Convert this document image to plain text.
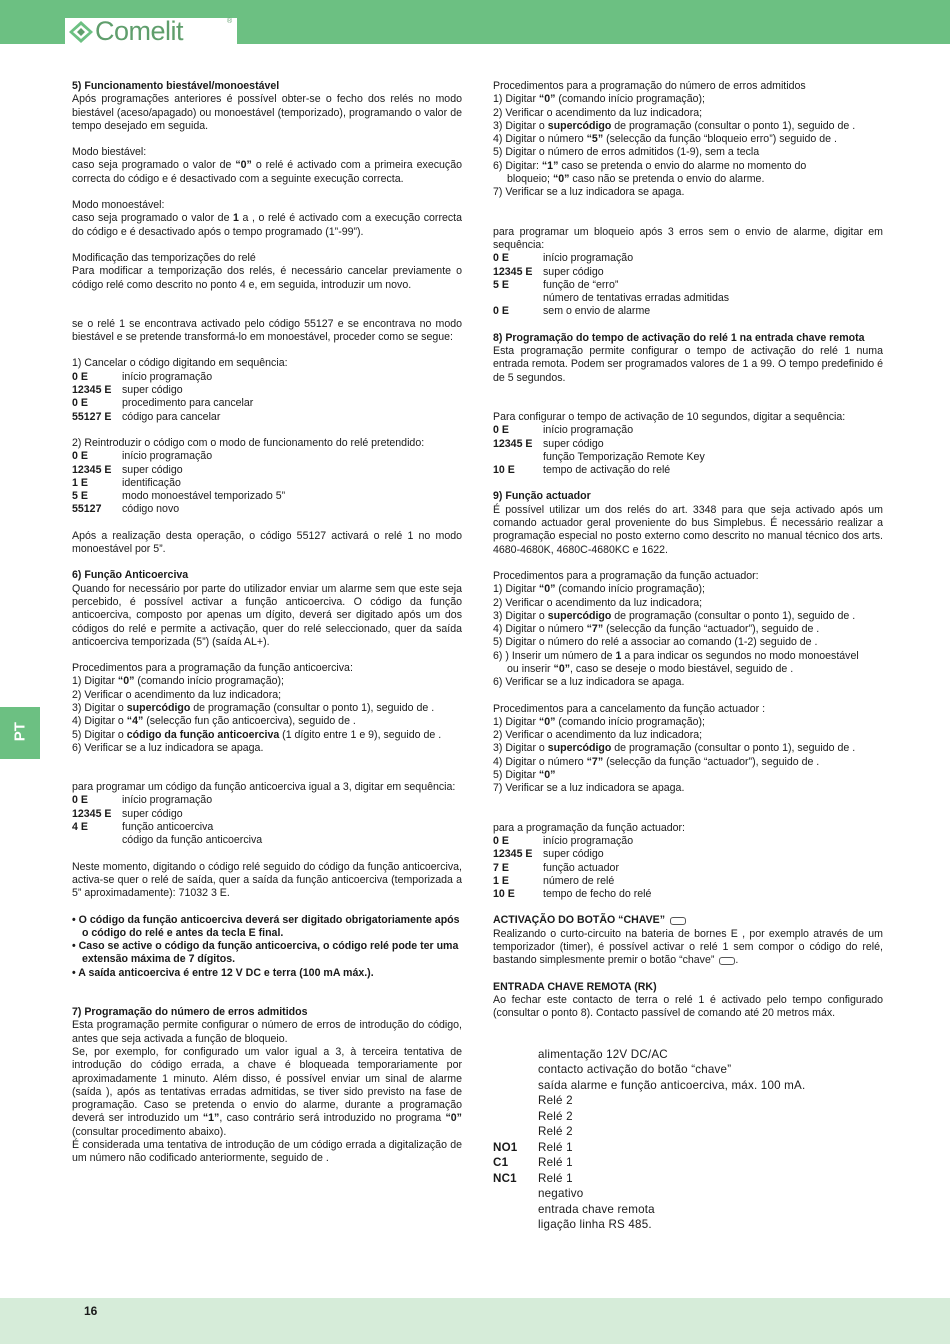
Comelit	®
PT
5) Funcionamento biestável/monoestável

Após programações anteriores é possível obter-se o fecho dos relés no modo biestável (aceso/apagado) ou monoestável (temporizado), programando o valor de tempo desejado em seguida.

Modo biestável:

caso seja programado o valor de “0” o relé é activado com a primeira execução correcta do código e é desactivado com a seguinte execução correcta.

Modo monoestável:

caso seja programado o valor de 1 a , o relé é activado com a execução correcta do código e é desactivado após o tempo programado (1”-99”).

Modificação das temporizações do relé

Para modificar a temporização dos relés, é necessário cancelar previamente o código relé como descrito no ponto 4 e, em seguida, introduzir um novo.

se o relé 1 se encontrava activado pelo código 55127 e se encontrava no modo biestável e se pretende transformá-lo em monoestável, proceder como se segue:

1) Cancelar o código digitando em sequência:

0 E	início programação
12345 E	super código
0 E	procedimento para cancelar
55127 E	código para cancelar

2) Reintroduzir o código com o modo de funcionamento do relé pretendido:

0 E	início programação
12345 E	super código
1 E	identificação
5 E	modo monoestável temporizado 5”
55127	código novo

Após a realização desta operação, o código 55127 activará o relé 1 no modo monoestável por 5”.

6) Função Anticoerciva

Quando for necessário por parte do utilizador enviar um alarme sem que este seja percebido, é possível activar a função anticoerciva. O código da função anticoerciva, composto por apenas um dígito, deverá ser digitado após um dos códigos do relé e permite a activação, quer do relé seleccionado, quer da saída anticoerciva temporizada (5”) (saída AL+).

Procedimentos para a programação da função anticoerciva:

1) Digitar “0” (comando início programação);
2) Verificar o acendimento da luz indicadora;
3) Digitar o supercódigo de programação (consultar o ponto 1), seguido de .
4) Digitar o “4” (selecção fun ção anticoerciva), seguido de .
5) Digitar o código da função anticoerciva (1 dígito entre 1 e 9), seguido de .
6) Verificar se a luz indicadora se apaga.

para programar um código da função anticoerciva igual a 3, digitar em sequência:

0 E	início programação
12345 E	super código
4 E	função anticoerciva
	código da função anticoerciva

Neste momento, digitando o código relé seguido do código da função anticoerciva, activa-se quer o relé de saída, quer a saída da função anticoerciva (temporizada a 5” aproximadamente): 71032 3 E.

• O código da função anticoerciva deverá ser digitado obrigatoriamente após o código do relé e antes da tecla E final.
• Caso se active o código da função anticoerciva, o código relé pode ter uma extensão máxima de 7 dígitos.
• A saída anticoerciva é entre 12 V DC e terra (100 mA máx.).
7) Programação do número de erros admitidos

Esta programação permite configurar o número de erros de introdução do código, antes que seja activada a função de bloqueio.

Se, por exemplo, for configurado um valor igual a 3, à terceira tentativa de introdução do código errada, a chave é bloqueada temporariamente por aproximadamente 1 minuto. Além disso, é possível enviar um sinal de alarme (saída ), após as tentativas erradas admitidas, se tiver sido previsto na fase de programação. Caso se pretenda o envio do alarme, durante a programação deverá ser introduzido um “1”, caso contrário será introduzido no programa “0” (consultar procedimento abaixo).

É considerada uma tentativa de introdução de um código errada a digitalização de um número não codificado anteriormente, seguido de .

Procedimentos para a programação do número de erros admitidos

1) Digitar “0” (comando início programação);
2) Verificar o acendimento da luz indicadora;
3) Digitar o supercódigo de programação (consultar o ponto 1), seguido de .
4) Digitar o número “5” (selecção da função “bloqueio erro”) seguido de .
5) Digitar o número de erros admitidos (1-9), sem a tecla
6) Digitar: “1” caso se pretenda o envio do alarme no momento do
bloqueio; “0” caso não se pretenda o envio do alarme.
7) Verificar se a luz indicadora se apaga.

para programar um bloqueio após 3 erros sem o envio de alarme, digitar em sequência:

0 E	início programação
12345 E	super código
5 E	função de “erro”
	número de tentativas erradas admitidas
0 E	sem o envio de alarme
8) Programação do tempo de activação do relé 1 na entrada chave remota

Esta programação permite configurar o tempo de activação do relé 1 numa entrada remota. Podem ser programados valores de 1 a 99. O tempo predefinido é de 5 segundos.

Para configurar o tempo de activação de 10 segundos, digitar a sequência:

0 E	início programação
12345 E	super código
	função Temporização Remote Key
10 E	tempo de activação do relé
9) Função actuador

É possível utilizar um dos relés do art. 3348 para que seja activado após um comando actuador geral proveniente do bus Simplebus. É necessário realizar a programação especial no posto externo como descrito no manual técnico dos arts. 4680-4680K, 4680C-4680KC e 1622.

Procedimentos para a programação da função actuador:

1) Digitar “0” (comando início programação);
2) Verificar o acendimento da luz indicadora;
3) Digitar o supercódigo de programação (consultar o ponto 1), seguido de .
4) Digitar o número “7” (selecção da função “actuador”), seguido de .
5) Digitar o número do relé a associar ao comando (1-2) seguido de .
6) ) Inserir um número de 1 a para indicar os segundos no modo monoestável
ou inserir “0”, caso se deseje o modo biestável, seguido de .
6) Verificar se a luz indicadora se apaga.

Procedimentos para a cancelamento da função actuador :

1) Digitar “0” (comando início programação);
2) Verificar o acendimento da luz indicadora;
3) Digitar o supercódigo de programação (consultar o ponto 1), seguido de .
4) Digitar o número “7” (selecção da função “actuador”), seguido de .
5) Digitar “0”
7) Verificar se a luz indicadora se apaga.

para a programação da função actuador:

0 E	início programação
12345 E	super código
7 E	função actuador
1 E	número de relé
10 E	tempo de fecho do relé
ACTIVAÇÃO DO BOTÃO “CHAVE”

Realizando o curto-circuito na bateria de bornes E , por exemplo através de um temporizador (timer), é possível activar o relé 1 sem compor o código do relé, bastando simplesmente premir o botão “chave” .

ENTRADA CHAVE REMOTA (RK)

Ao fechar este contacto de terra o relé 1 é activado pelo tempo configurado (consultar o ponto 8). Contacto passível de comando até 20 metros máx.

	alimentação 12V DC/AC
	contacto activação do botão “chave”
	saída alarme e função anticoerciva, máx. 100 mA.
	Relé 2
	Relé 2
	Relé 2
NO1	Relé 1
C1	Relé 1
NC1	Relé 1
	negativo
	entrada chave remota
	ligação linha RS 485.
16
